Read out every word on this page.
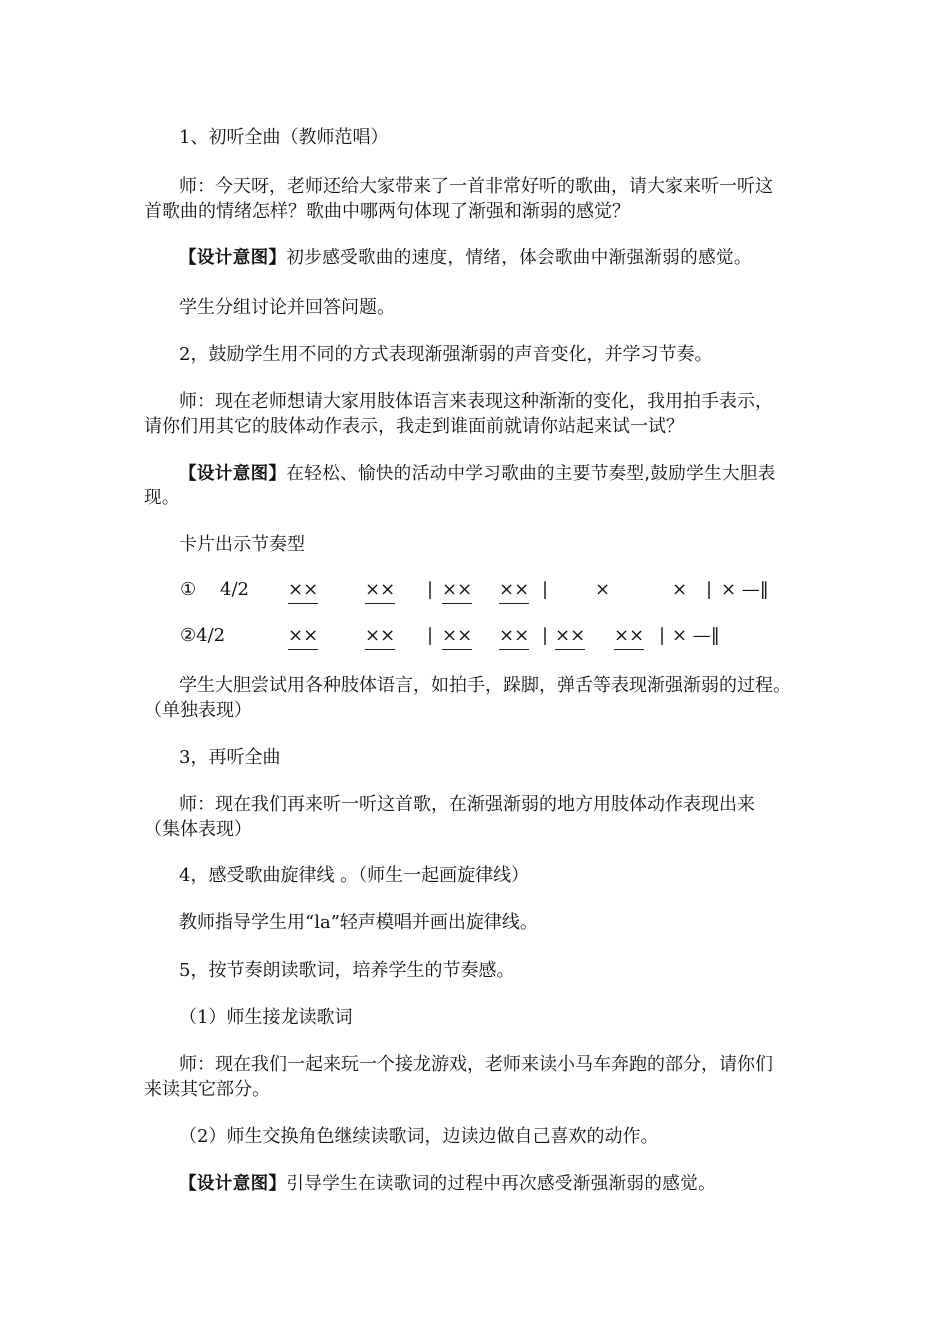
1、初听全曲（教师范唱）
师：今天呀，老师还给大家带来了一首非常好听的歌曲，请大家来听一听这
首歌曲的情绪怎样？歌曲中哪两句体现了渐强和渐弱的感觉？
【设计意图】初步感受歌曲的速度，情绪，体会歌曲中渐强渐弱的感觉。
学生分组讨论并回答问题。
2，鼓励学生用不同的方式表现渐强渐弱的声音变化，并学习节奏。
师：现在老师想请大家用肢体语言来表现这种渐渐的变化，我用拍手表示，
请你们用其它的肢体动作表示，我走到谁面前就请你站起来试一试？
【设计意图】在轻松、愉快的活动中学习歌曲的主要节奏型,鼓励学生大胆表
现。
卡片出示节奏型
① 4/2 ××	×× | ×× ×× |	×	× | × —‖
②4/2	××	×× | ×× ×× | ×× ×× | × —‖
学生大胆尝试用各种肢体语言，如拍手，跺脚，弹舌等表现渐强渐弱的过程。
（单独表现）
3，再听全曲
师：现在我们再来听一听这首歌，在渐强渐弱的地方用肢体动作表现出来
（集体表现）
4，感受歌曲旋律线 。（师生一起画旋律线）
教师指导学生用“la”轻声模唱并画出旋律线。
5，按节奏朗读歌词，培养学生的节奏感。
（1）师生接龙读歌词
师：现在我们一起来玩一个接龙游戏，老师来读小马车奔跑的部分，请你们
来读其它部分。
（2）师生交换角色继续读歌词，边读边做自己喜欢的动作。
【设计意图】引导学生在读歌词的过程中再次感受渐强渐弱的感觉。
